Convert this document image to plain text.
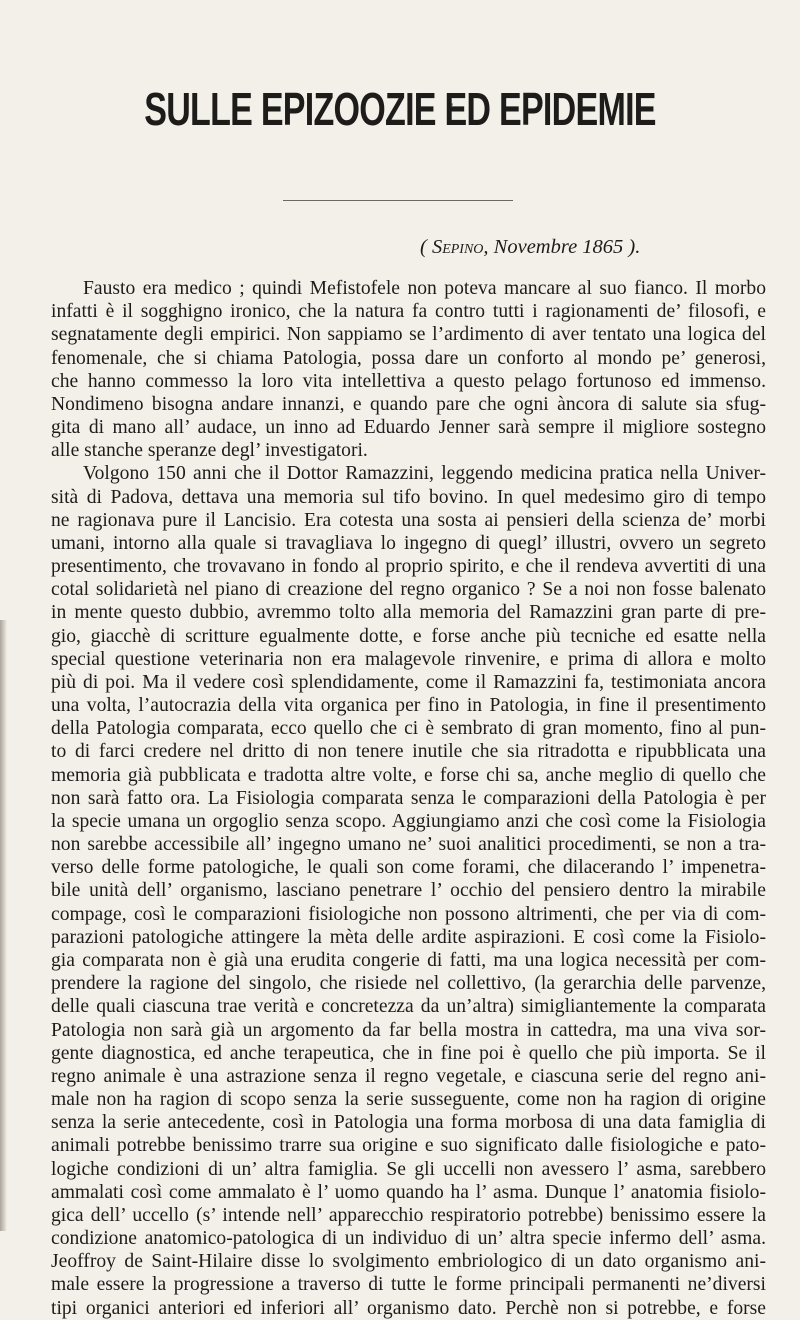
SULLE EPIZOOZIE ED EPIDEMIE
( Sepino, Novembre 1865 ).
Fausto era medico ; quindi Mefistofele non poteva mancare al suo fianco. Il morbo
infatti è il sogghigno ironico, che la natura fa contro tutti i ragionamenti de’ filosofi, e
segnatamente degli empirici. Non sappiamo se l’ardimento di aver tentato una logica del
fenomenale, che si chiama Patologia, possa dare un conforto al mondo pe’ generosi,
che hanno commesso la loro vita intellettiva a questo pelago fortunoso ed immenso.
Nondimeno bisogna andare innanzi, e quando pare che ogni àncora di salute sia sfug-
gita di mano all’ audace, un inno ad Eduardo Jenner sarà sempre il migliore sostegno
alle stanche speranze degl’ investigatori.
Volgono 150 anni che il Dottor Ramazzini, leggendo medicina pratica nella Univer-
sità di Padova, dettava una memoria sul tifo bovino. In quel medesimo giro di tempo
ne ragionava pure il Lancisio. Era cotesta una sosta ai pensieri della scienza de’ morbi
umani, intorno alla quale si travagliava lo ingegno di quegl’ illustri, ovvero un segreto
presentimento, che trovavano in fondo al proprio spirito, e che il rendeva avvertiti di una
cotal solidarietà nel piano di creazione del regno organico ? Se a noi non fosse balenato
in mente questo dubbio, avremmo tolto alla memoria del Ramazzini gran parte di pre-
gio, giacchè di scritture egualmente dotte, e forse anche più tecniche ed esatte nella
special questione veterinaria non era malagevole rinvenire, e prima di allora e molto
più di poi. Ma il vedere così splendidamente, come il Ramazzini fa, testimoniata ancora
una volta, l’autocrazia della vita organica per fino in Patologia, in fine il presentimento
della Patologia comparata, ecco quello che ci è sembrato di gran momento, fino al pun-
to di farci credere nel dritto di non tenere inutile che sia ritradotta e ripubblicata una
memoria già pubblicata e tradotta altre volte, e forse chi sa, anche meglio di quello che
non sarà fatto ora. La Fisiologia comparata senza le comparazioni della Patologia è per
la specie umana un orgoglio senza scopo. Aggiungiamo anzi che così come la Fisiologia
non sarebbe accessibile all’ ingegno umano ne’ suoi analitici procedimenti, se non a tra-
verso delle forme patologiche, le quali son come forami, che dilacerando l’ impenetra-
bile unità dell’ organismo, lasciano penetrare l’ occhio del pensiero dentro la mirabile
compage, così le comparazioni fisiologiche non possono altrimenti, che per via di com-
parazioni patologiche attingere la mèta delle ardite aspirazioni. E così come la Fisiolo-
gia comparata non è già una erudita congerie di fatti, ma una logica necessità per com-
prendere la ragione del singolo, che risiede nel collettivo, (la gerarchia delle parvenze,
delle quali ciascuna trae verità e concretezza da un’altra) simigliantemente la comparata
Patologia non sarà già un argomento da far bella mostra in cattedra, ma una viva sor-
gente diagnostica, ed anche terapeutica, che in fine poi è quello che più importa. Se il
regno animale è una astrazione senza il regno vegetale, e ciascuna serie del regno ani-
male non ha ragion di scopo senza la serie susseguente, come non ha ragion di origine
senza la serie antecedente, così in Patologia una forma morbosa di una data famiglia di
animali potrebbe benissimo trarre sua origine e suo significato dalle fisiologiche e pato-
logiche condizioni di un’ altra famiglia. Se gli uccelli non avessero l’ asma, sarebbero
ammalati così come ammalato è l’ uomo quando ha l’ asma. Dunque l’ anatomia fisiolo-
gica dell’ uccello (s’ intende nell’ apparecchio respiratorio potrebbe) benissimo essere la
condizione anatomico-patologica di un individuo di un’ altra specie infermo dell’ asma.
Jeoffroy de Saint-Hilaire disse lo svolgimento embriologico di un dato organismo ani-
male essere la progressione a traverso di tutte le forme principali permanenti ne’diversi
tipi organici anteriori ed inferiori all’ organismo dato. Perchè non si potrebbe, e forse
